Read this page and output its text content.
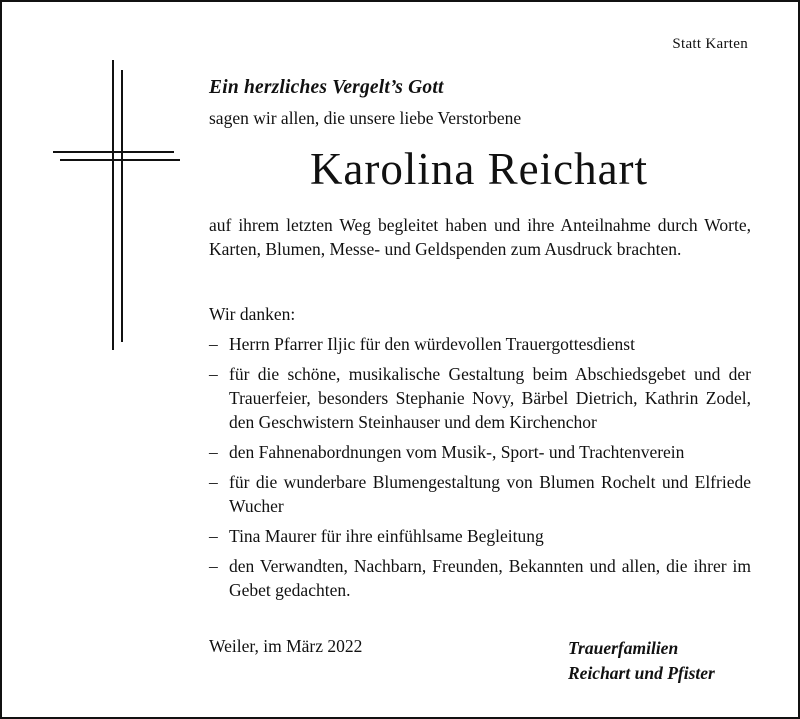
Statt Karten
Ein herzliches Vergelt’s Gott
sagen wir allen, die unsere liebe Verstorbene
Karolina Reichart
auf ihrem letzten Weg begleitet haben und ihre Anteilnahme durch Worte, Karten, Blumen, Messe- und Geldspenden zum Ausdruck brachten.
Wir danken:
– Herrn Pfarrer Iljic für den würdevollen Trauergottesdienst
– für die schöne, musikalische Gestaltung beim Abschiedsgebet und der Trauerfeier, besonders Stephanie Novy, Bärbel Dietrich, Kathrin Zodel, den Geschwistern Steinhauser und dem Kirchenchor
– den Fahnenabordnungen vom Musik-, Sport- und Trachtenverein
– für die wunderbare Blumengestaltung von Blumen Rochelt und Elfriede Wucher
– Tina Maurer für ihre einfühlsame Begleitung
– den Verwandten, Nachbarn, Freunden, Bekannten und allen, die ihrer im Gebet gedachten.
Weiler, im März 2022	Trauerfamilien
Reichart und Pfister
